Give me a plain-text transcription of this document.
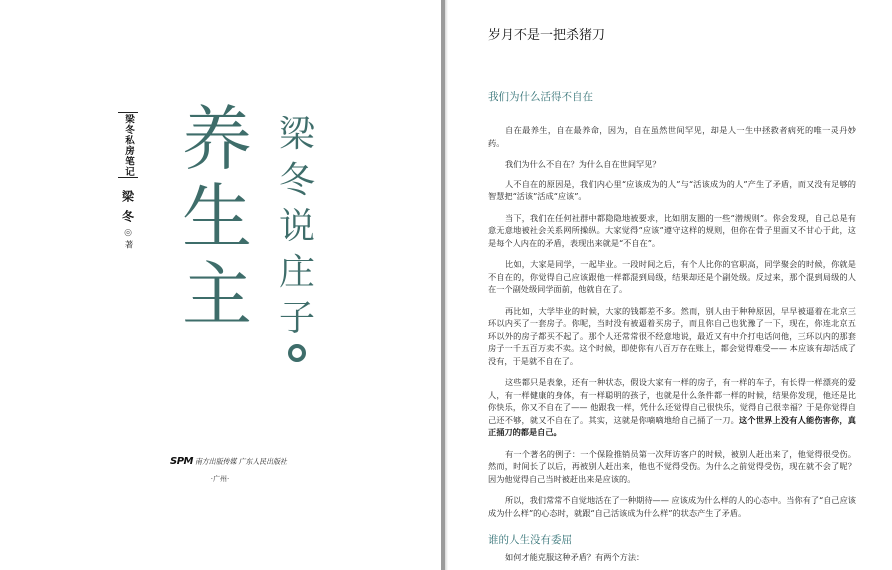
梁冬私房笔记
梁冬
◎
著
养
生
主
梁
冬
说
庄
子
SPM 南方出版传媒 广东人民出版社
·广州·
岁月不是一把杀猪刀
我们为什么活得不自在

自在最养生，自在最养命，因为，自在虽然世间罕见，却是人一生中拯救者病死的唯一灵丹妙药。

我们为什么不自在？为什么自在世间罕见？

人不自在的原因是，我们内心里“应该成为的人”与“活该成为的人”产生了矛盾，而又没有足够的智慧把“活该”活成“应该”。

当下，我们在任何社群中都隐隐地被要求，比如朋友圈的一些“潜规则”。你会发现，自己总是有意无意地被社会关系网所操纵。大家觉得“应该”遵守这样的规则，但你在骨子里面又不甘心于此，这是每个人内在的矛盾，表现出来就是“不自在”。

比如，大家是同学，一起毕业。一段时间之后，有个人比你的官职高，同学聚会的时候，你就是不自在的，你觉得自己应该跟他一样都混到局级，结果却还是个副处级。反过来，那个混到局级的人在一个副处级同学面前，他就自在了。

再比如，大学毕业的时候，大家的钱都差不多。然而，别人由于种种原因，早早被逼着在北京三环以内买了一套房子。你呢，当时没有被逼着买房子，而且你自己也犹豫了一下，现在，你连北京五环以外的房子都买不起了。那个人还常常很不经意地说，最近又有中介打电话问他，三环以内的那套房子一千五百万卖不卖。这个时候，即使你有八百万存在账上，都会觉得难受—— 本应该有却活成了没有，于是就不自在了。

这些都只是表象，还有一种状态，假设大家有一样的房子，有一样的车子，有长得一样漂亮的爱人，有一样健康的身体，有一样聪明的孩子，也就是什么条件都一样的时候，结果你发现，他还是比你快乐，你又不自在了—— 他跟我一样，凭什么还觉得自己很快乐，觉得自己很幸福？于是你觉得自己还不够，就又不自在了。其实，这就是你嘀嘀地给自己捅了一刀。这个世界上没有人能伤害你，真正捅刀的都是自己。

有一个著名的例子：一个保险推销员第一次拜访客户的时候，被别人赶出来了，他觉得很受伤。然而，时间长了以后，再被别人赶出来，他也不觉得受伤。为什么之前觉得受伤，现在就不会了呢？因为他觉得自己当时被赶出来是应该的。

所以，我们常常不自觉地活在了一种期待—— 应该成为什么样的人的心态中。当你有了“自己应该成为什么样”的心态时，就跟“自己活该成为什么样”的状态产生了矛盾。

谁的人生没有委屈
如何才能克服这种矛盾？有两个方法：
